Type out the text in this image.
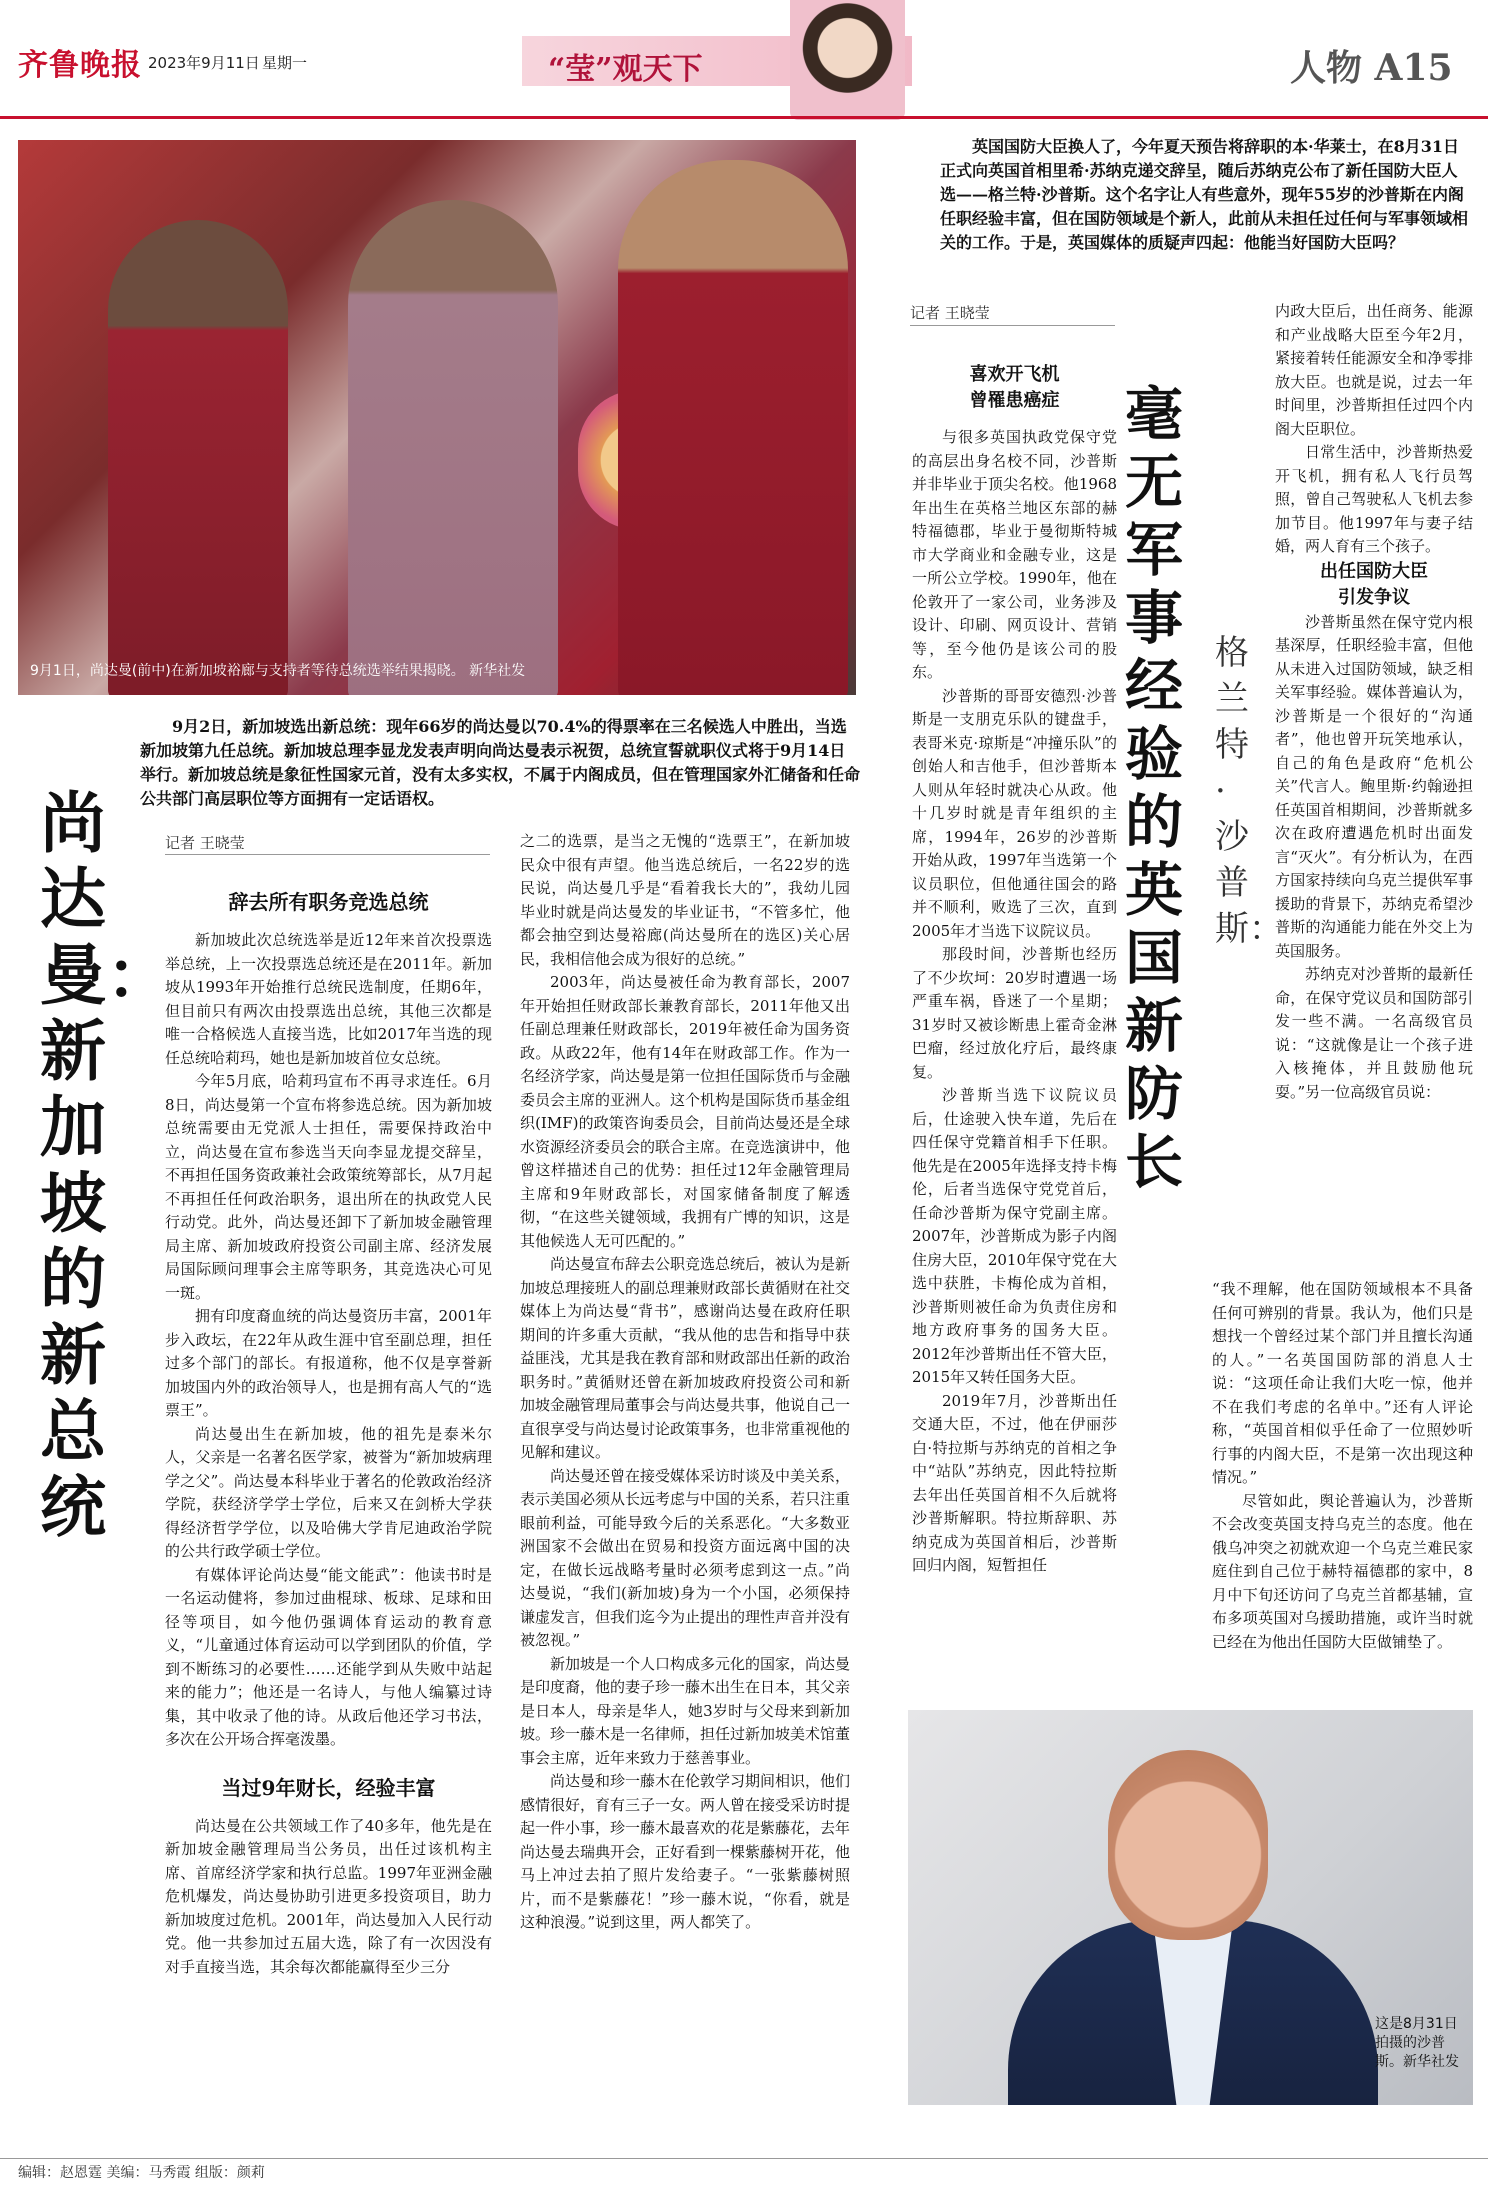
齐鲁晚报 2023年9月11日 星期一	“莹”观天下	人物 A15
9月1日，尚达曼(前中)在新加坡裕廊与支持者等待总统选举结果揭晓。 新华社发
9月2日，新加坡选出新总统：现年66岁的尚达曼以70.4%的得票率在三名候选人中胜出，当选新加坡第九任总统。新加坡总理李显龙发表声明向尚达曼表示祝贺，总统宣誓就职仪式将于9月14日举行。新加坡总统是象征性国家元首，没有太多实权，不属于内阁成员，但在管理国家外汇储备和任命公共部门高层职位等方面拥有一定话语权。
尚达曼：新加坡的新总统
记者 王晓莹
辞去所有职务竞选总统
新加坡此次总统选举是近12年来首次投票选举总统，上一次投票选总统还是在2011年。新加坡从1993年开始推行总统民选制度，任期6年，但目前只有两次由投票选出总统，其他三次都是唯一合格候选人直接当选，比如2017年当选的现任总统哈莉玛，她也是新加坡首位女总统。
今年5月底，哈莉玛宣布不再寻求连任。6月8日，尚达曼第一个宣布将参选总统。因为新加坡总统需要由无党派人士担任，需要保持政治中立，尚达曼在宣布参选当天向李显龙提交辞呈，不再担任国务资政兼社会政策统筹部长，从7月起不再担任任何政治职务，退出所在的执政党人民行动党。此外，尚达曼还卸下了新加坡金融管理局主席、新加坡政府投资公司副主席、经济发展局国际顾问理事会主席等职务，其竞选决心可见一斑。
拥有印度裔血统的尚达曼资历丰富，2001年步入政坛，在22年从政生涯中官至副总理，担任过多个部门的部长。有报道称，他不仅是享誉新加坡国内外的政治领导人，也是拥有高人气的“选票王”。
尚达曼出生在新加坡，他的祖先是泰米尔人，父亲是一名著名医学家，被誉为“新加坡病理学之父”。尚达曼本科毕业于著名的伦敦政治经济学院，获经济学学士学位，后来又在剑桥大学获得经济哲学学位，以及哈佛大学肯尼迪政治学院的公共行政学硕士学位。
有媒体评论尚达曼“能文能武”：他读书时是一名运动健将，参加过曲棍球、板球、足球和田径等项目，如今他仍强调体育运动的教育意义，“儿童通过体育运动可以学到团队的价值，学到不断练习的必要性……还能学到从失败中站起来的能力”；他还是一名诗人，与他人编纂过诗集，其中收录了他的诗。从政后他还学习书法，多次在公开场合挥毫泼墨。
当过9年财长，经验丰富
尚达曼在公共领域工作了40多年，他先是在新加坡金融管理局当公务员，出任过该机构主席、首席经济学家和执行总监。1997年亚洲金融危机爆发，尚达曼协助引进更多投资项目，助力新加坡度过危机。2001年，尚达曼加入人民行动党。他一共参加过五届大选，除了有一次因没有对手直接当选，其余每次都能赢得至少三分
之二的选票，是当之无愧的“选票王”，在新加坡民众中很有声望。他当选总统后，一名22岁的选民说，尚达曼几乎是“看着我长大的”，我幼儿园毕业时就是尚达曼发的毕业证书，“不管多忙，他都会抽空到达曼裕廊(尚达曼所在的选区)关心居民，我相信他会成为很好的总统。”
2003年，尚达曼被任命为教育部长，2007年开始担任财政部长兼教育部长，2011年他又出任副总理兼任财政部长，2019年被任命为国务资政。从政22年，他有14年在财政部工作。作为一名经济学家，尚达曼是第一位担任国际货币与金融委员会主席的亚洲人。这个机构是国际货币基金组织(IMF)的政策咨询委员会，目前尚达曼还是全球水资源经济委员会的联合主席。在竞选演讲中，他曾这样描述自己的优势：担任过12年金融管理局主席和9年财政部长，对国家储备制度了解透彻，“在这些关键领域，我拥有广博的知识，这是其他候选人无可匹配的。”
尚达曼宣布辞去公职竞选总统后，被认为是新加坡总理接班人的副总理兼财政部长黄循财在社交媒体上为尚达曼“背书”，感谢尚达曼在政府任职期间的许多重大贡献，“我从他的忠告和指导中获益匪浅，尤其是我在教育部和财政部出任新的政治职务时。”黄循财还曾在新加坡政府投资公司和新加坡金融管理局董事会与尚达曼共事，他说自己一直很享受与尚达曼讨论政策事务，也非常重视他的见解和建议。
尚达曼还曾在接受媒体采访时谈及中美关系，表示美国必须从长远考虑与中国的关系，若只注重眼前利益，可能导致今后的关系恶化。“大多数亚洲国家不会做出在贸易和投资方面远离中国的决定，在做长远战略考量时必须考虑到这一点。”尚达曼说，“我们(新加坡)身为一个小国，必须保持谦虚发言，但我们迄今为止提出的理性声音并没有被忽视。”
新加坡是一个人口构成多元化的国家，尚达曼是印度裔，他的妻子珍一藤木出生在日本，其父亲是日本人，母亲是华人，她3岁时与父母来到新加坡。珍一藤木是一名律师，担任过新加坡美术馆董事会主席，近年来致力于慈善事业。
尚达曼和珍一藤木在伦敦学习期间相识，他们感情很好，育有三子一女。两人曾在接受采访时提起一件小事，珍一藤木最喜欢的花是紫藤花，去年尚达曼去瑞典开会，正好看到一棵紫藤树开花，他马上冲过去拍了照片发给妻子。“一张紫藤树照片，而不是紫藤花！”珍一藤木说，“你看，就是这种浪漫。”说到这里，两人都笑了。
英国国防大臣换人了，今年夏天预告将辞职的本·华莱士，在8月31日正式向英国首相里希·苏纳克递交辞呈，随后苏纳克公布了新任国防大臣人选——格兰特·沙普斯。这个名字让人有些意外，现年55岁的沙普斯在内阁任职经验丰富，但在国防领域是个新人，此前从未担任过任何与军事领域相关的工作。于是，英国媒体的质疑声四起：他能当好国防大臣吗？
记者 王晓莹
毫无军事经验的英国新防长
格兰特·沙普斯：
喜欢开飞机
曾罹患癌症
与很多英国执政党保守党的高层出身名校不同，沙普斯并非毕业于顶尖名校。他1968年出生在英格兰地区东部的赫特福德郡，毕业于曼彻斯特城市大学商业和金融专业，这是一所公立学校。1990年，他在伦敦开了一家公司，业务涉及设计、印刷、网页设计、营销等，至今他仍是该公司的股东。
沙普斯的哥哥安德烈·沙普斯是一支朋克乐队的键盘手，表哥米克·琼斯是“冲撞乐队”的创始人和吉他手，但沙普斯本人则从年轻时就决心从政。他十几岁时就是青年组织的主席，1994年，26岁的沙普斯开始从政，1997年当选第一个议员职位，但他通往国会的路并不顺利，败选了三次，直到2005年才当选下议院议员。
那段时间，沙普斯也经历了不少坎坷：20岁时遭遇一场严重车祸，昏迷了一个星期；31岁时又被诊断患上霍奇金淋巴瘤，经过放化疗后，最终康复。
沙普斯当选下议院议员后，仕途驶入快车道，先后在四任保守党籍首相手下任职。他先是在2005年选择支持卡梅伦，后者当选保守党党首后，任命沙普斯为保守党副主席。2007年，沙普斯成为影子内阁住房大臣，2010年保守党在大选中获胜，卡梅伦成为首相，沙普斯则被任命为负责住房和地方政府事务的国务大臣。2012年沙普斯出任不管大臣，2015年又转任国务大臣。
2019年7月，沙普斯出任交通大臣，不过，他在伊丽莎白·特拉斯与苏纳克的首相之争中“站队”苏纳克，因此特拉斯去年出任英国首相不久后就将沙普斯解职。特拉斯辞职、苏纳克成为英国首相后，沙普斯回归内阁，短暂担任
内政大臣后，出任商务、能源和产业战略大臣至今年2月，紧接着转任能源安全和净零排放大臣。也就是说，过去一年时间里，沙普斯担任过四个内阁大臣职位。
日常生活中，沙普斯热爱开飞机，拥有私人飞行员驾照，曾自己驾驶私人飞机去参加节目。他1997年与妻子结婚，两人育有三个孩子。
出任国防大臣
引发争议
沙普斯虽然在保守党内根基深厚，任职经验丰富，但他从未进入过国防领域，缺乏相关军事经验。媒体普遍认为，沙普斯是一个很好的“沟通者”，他也曾开玩笑地承认，自己的角色是政府“危机公关”代言人。鲍里斯·约翰逊担任英国首相期间，沙普斯就多次在政府遭遇危机时出面发言“灭火”。有分析认为，在西方国家持续向乌克兰提供军事援助的背景下，苏纳克希望沙普斯的沟通能力能在外交上为英国服务。
苏纳克对沙普斯的最新任命，在保守党议员和国防部引发一些不满。一名高级官员说：“这就像是让一个孩子进入核掩体，并且鼓励他玩耍。”另一位高级官员说：
“我不理解，他在国防领域根本不具备任何可辨别的背景。我认为，他们只是想找一个曾经过某个部门并且擅长沟通的人。”一名英国国防部的消息人士说：“这项任命让我们大吃一惊，他并不在我们考虑的名单中。”还有人评论称，“英国首相似乎任命了一位照妙听行事的内阁大臣，不是第一次出现这种情况。”
尽管如此，舆论普遍认为，沙普斯不会改变英国支持乌克兰的态度。他在俄乌冲突之初就欢迎一个乌克兰难民家庭住到自己位于赫特福德郡的家中，8月中下旬还访问了乌克兰首都基辅，宣布多项英国对乌援助措施，或许当时就已经在为他出任国防大臣做铺垫了。
这是8月31日拍摄的沙普斯。新华社发
编辑：赵恩霆 美编：马秀霞 组版：颜莉
